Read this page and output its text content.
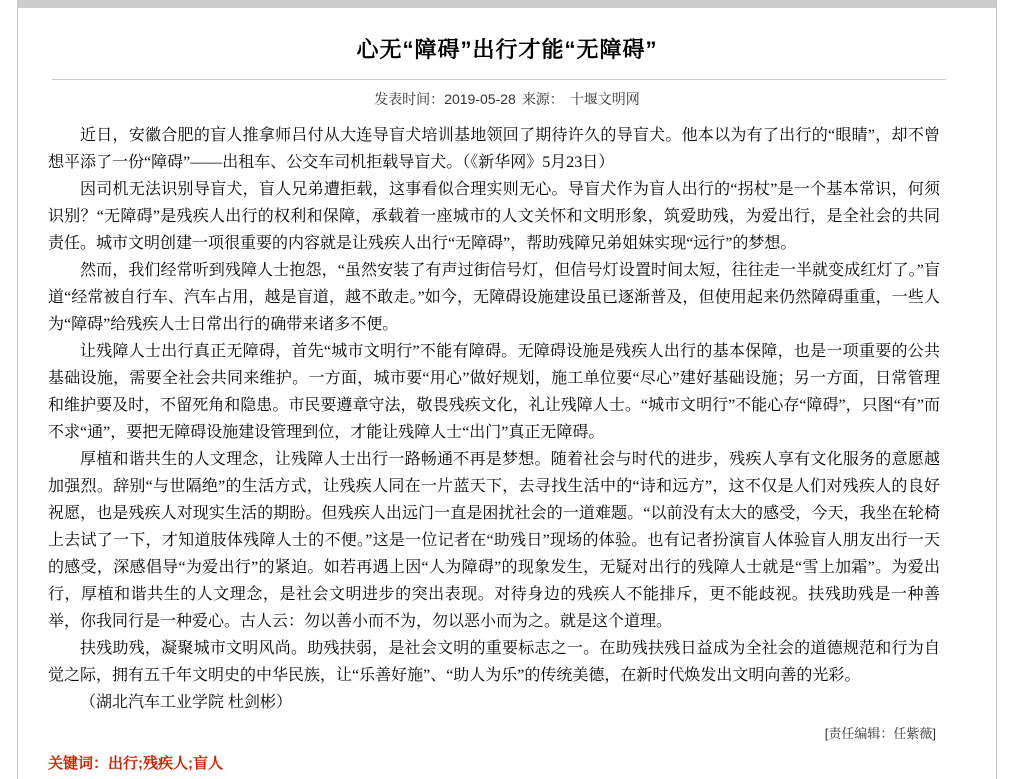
心无“障碍”出行才能“无障碍”
发表时间：2019-05-28 来源： 十堰文明网

近日，安徽合肥的盲人推拿师吕付从大连导盲犬培训基地领回了期待许久的导盲犬。他本以为有了出行的“眼睛”，却不曾想平添了一份“障碍”——出租车、公交车司机拒载导盲犬。（《新华网》5月23日）

因司机无法识别导盲犬，盲人兄弟遭拒载，这事看似合理实则无心。导盲犬作为盲人出行的“拐杖”是一个基本常识，何须识别？“无障碍”是残疾人出行的权利和保障，承载着一座城市的人文关怀和文明形象，筑爱助残，为爱出行，是全社会的共同责任。城市文明创建一项很重要的内容就是让残疾人出行“无障碍”，帮助残障兄弟姐妹实现“远行”的梦想。

然而，我们经常听到残障人士抱怨，“虽然安装了有声过街信号灯，但信号灯设置时间太短，往往走一半就变成红灯了。”盲道“经常被自行车、汽车占用，越是盲道，越不敢走。”如今，无障碍设施建设虽已逐渐普及，但使用起来仍然障碍重重，一些人为“障碍”给残疾人士日常出行的确带来诸多不便。

让残障人士出行真正无障碍，首先“城市文明行”不能有障碍。无障碍设施是残疾人出行的基本保障，也是一项重要的公共基础设施，需要全社会共同来维护。一方面，城市要“用心”做好规划，施工单位要“尽心”建好基础设施；另一方面，日常管理和维护要及时，不留死角和隐患。市民要遵章守法，敬畏残疾文化，礼让残障人士。“城市文明行”不能心存“障碍”，只图“有”而不求“通”，要把无障碍设施建设管理到位，才能让残障人士“出门”真正无障碍。

厚植和谐共生的人文理念，让残障人士出行一路畅通不再是梦想。随着社会与时代的进步，残疾人享有文化服务的意愿越加强烈。辞别“与世隔绝”的生活方式，让残疾人同在一片蓝天下，去寻找生活中的“诗和远方”，这不仅是人们对残疾人的良好祝愿，也是残疾人对现实生活的期盼。但残疾人出远门一直是困扰社会的一道难题。“以前没有太大的感受，今天，我坐在轮椅上去试了一下，才知道肢体残障人士的不便。”这是一位记者在“助残日”现场的体验。也有记者扮演盲人体验盲人朋友出行一天的感受，深感倡导“为爱出行”的紧迫。如若再遇上因“人为障碍”的现象发生，无疑对出行的残障人士就是“雪上加霜”。为爱出行，厚植和谐共生的人文理念，是社会文明进步的突出表现。对待身边的残疾人不能排斥，更不能歧视。扶残助残是一种善举，你我同行是一种爱心。古人云：勿以善小而不为，勿以恶小而为之。就是这个道理。

扶残助残，凝聚城市文明风尚。助残扶弱，是社会文明的重要标志之一。在助残扶残日益成为全社会的道德规范和行为自觉之际，拥有五千年文明史的中华民族，让“乐善好施”、“助人为乐”的传统美德，在新时代焕发出文明向善的光彩。

（湖北汽车工业学院 杜剑彬）

[责任编辑：任紫薇]
关键词：出行;残疾人;盲人
